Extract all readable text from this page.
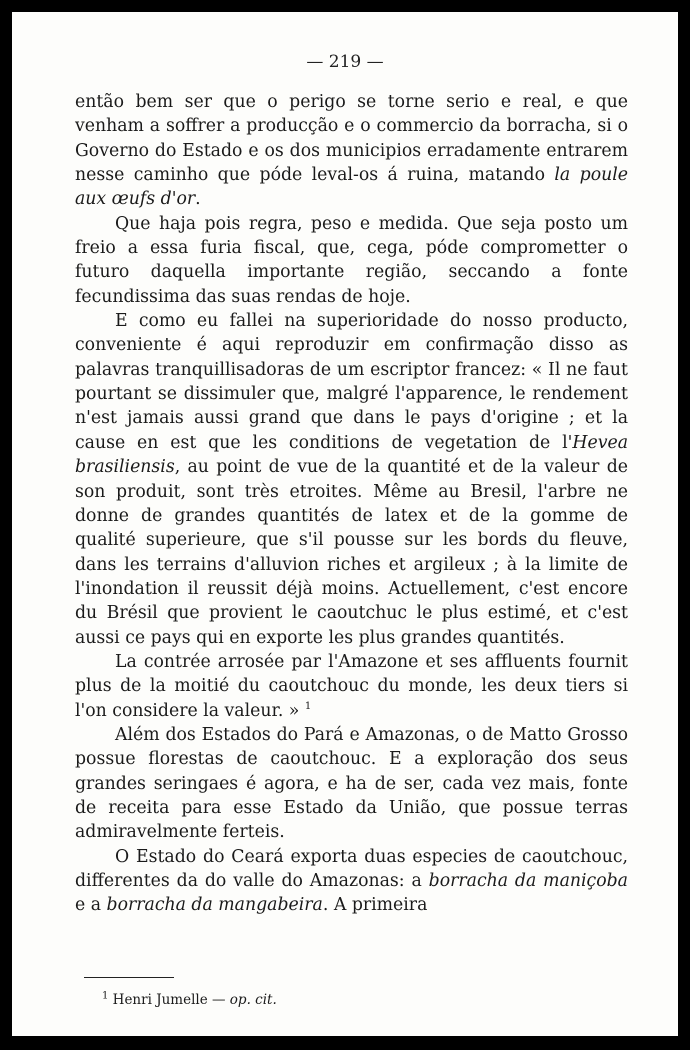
— 219 —

então bem ser que o perigo se torne serio e real, e que venham a soffrer a producção e o commercio da borracha, si o Governo do Estado e os dos municipios erradamente entrarem nesse caminho que póde leval-os á ruina, matando la poule aux œufs d'or.

Que haja pois regra, peso e medida. Que seja posto um freio a essa furia fiscal, que, cega, póde comprometter o futuro daquella importante região, seccando a fonte fecundissima das suas rendas de hoje.

E como eu fallei na superioridade do nosso producto, conveniente é aqui reproduzir em confirmação disso as palavras tranquillisadoras de um escriptor francez: « Il ne faut pourtant se dissimuler que, malgré l'apparence, le rendement n'est jamais aussi grand que dans le pays d'origine ; et la cause en est que les conditions de vegetation de l'Hevea brasiliensis, au point de vue de la quantité et de la valeur de son produit, sont très etroites. Même au Bresil, l'arbre ne donne de grandes quantités de latex et de la gomme de qualité superieure, que s'il pousse sur les bords du fleuve, dans les terrains d'alluvion riches et argileux ; à la limite de l'inondation il reussit déjà moins. Actuellement, c'est encore du Brésil que provient le caoutchuc le plus estimé, et c'est aussi ce pays qui en exporte les plus grandes quantités.

La contrée arrosée par l'Amazone et ses affluents fournit plus de la moitié du caoutchouc du monde, les deux tiers si l'on considere la valeur. » $^1$

Além dos Estados do Pará e Amazonas, o de Matto Grosso possue florestas de caoutchouc. E a exploração dos seus grandes seringaes é agora, e ha de ser, cada vez mais, fonte de receita para esse Estado da União, que possue terras admiravelmente ferteis.

O Estado do Ceará exporta duas especies de caoutchouc, differentes da do valle do Amazonas: a borracha da maniçoba e a borracha da mangabeira. A primeira

$^1$ Henri Jumelle — op. cit.
